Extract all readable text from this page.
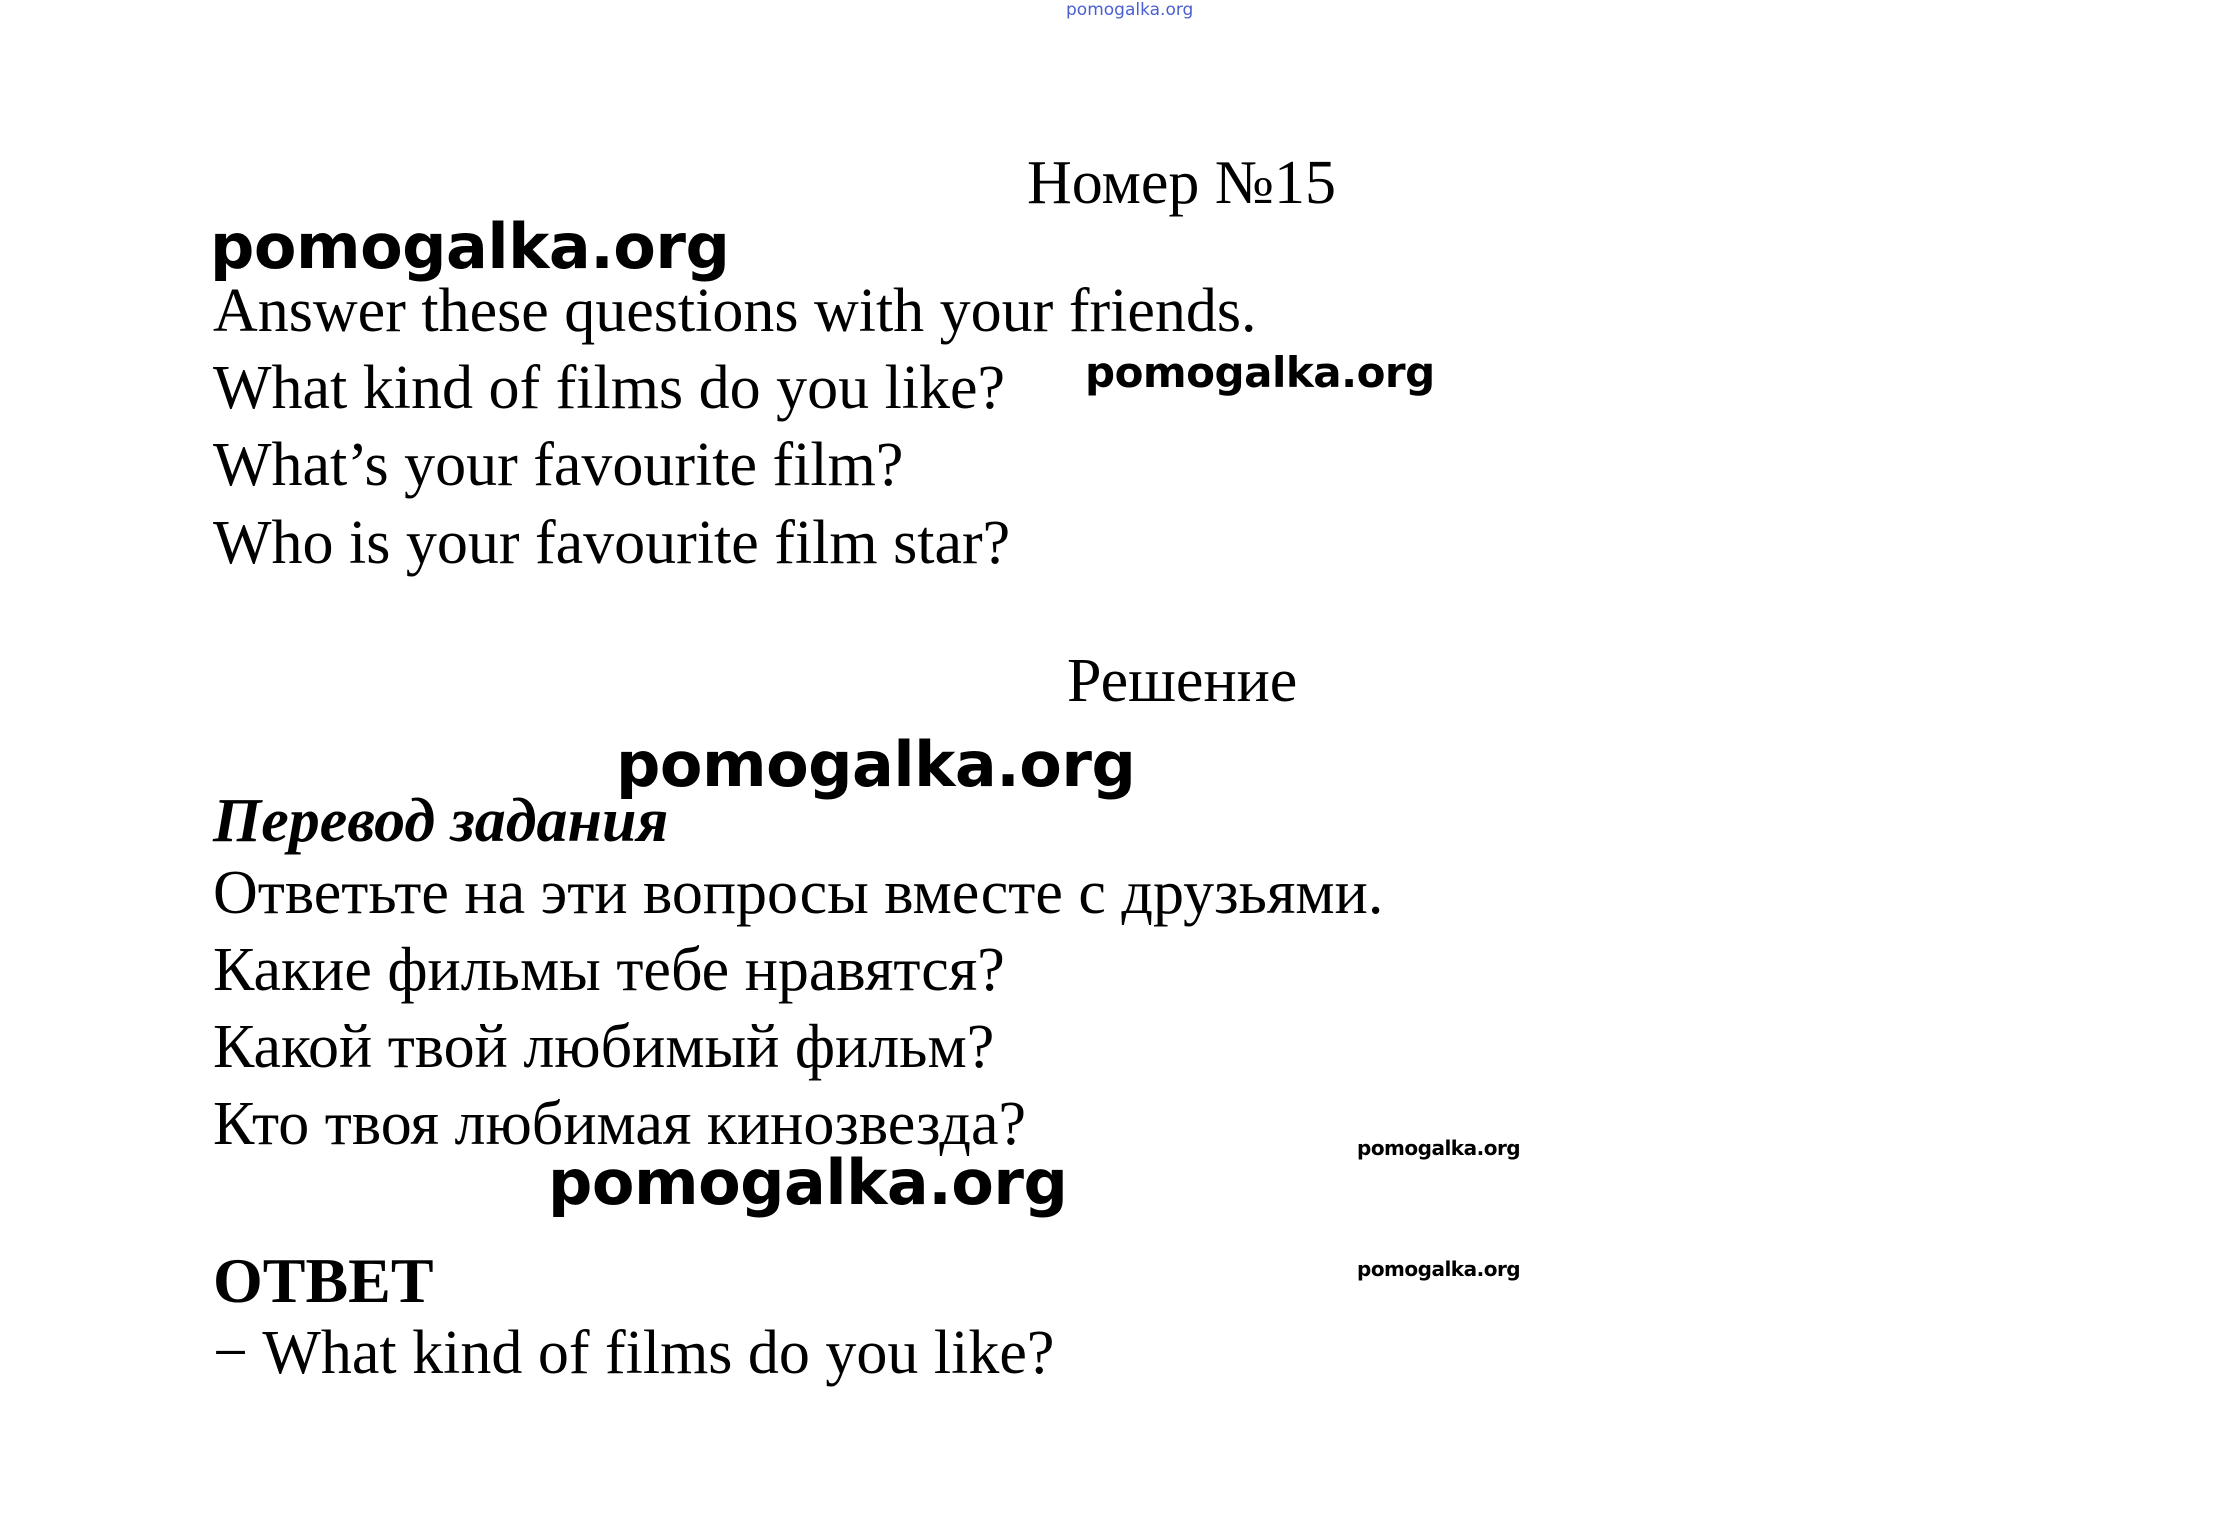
pomogalka.org
Номер №15
pomogalka.org
Answer these questions with your friends.
What kind of films do you like? pomogalka.org
What’s your favourite film?
Who is your favourite film star?
Решение
pomogalka.org
Перевод задания
Ответьте на эти вопросы вместе с друзьями.
Какие фильмы тебе нравятся?
Какой твой любимый фильм?
Кто твоя любимая кинозвезда?	pomogalka.org
pomogalka.org
ОТВЕТ	pomogalka.org
− What kind of films do you like?
